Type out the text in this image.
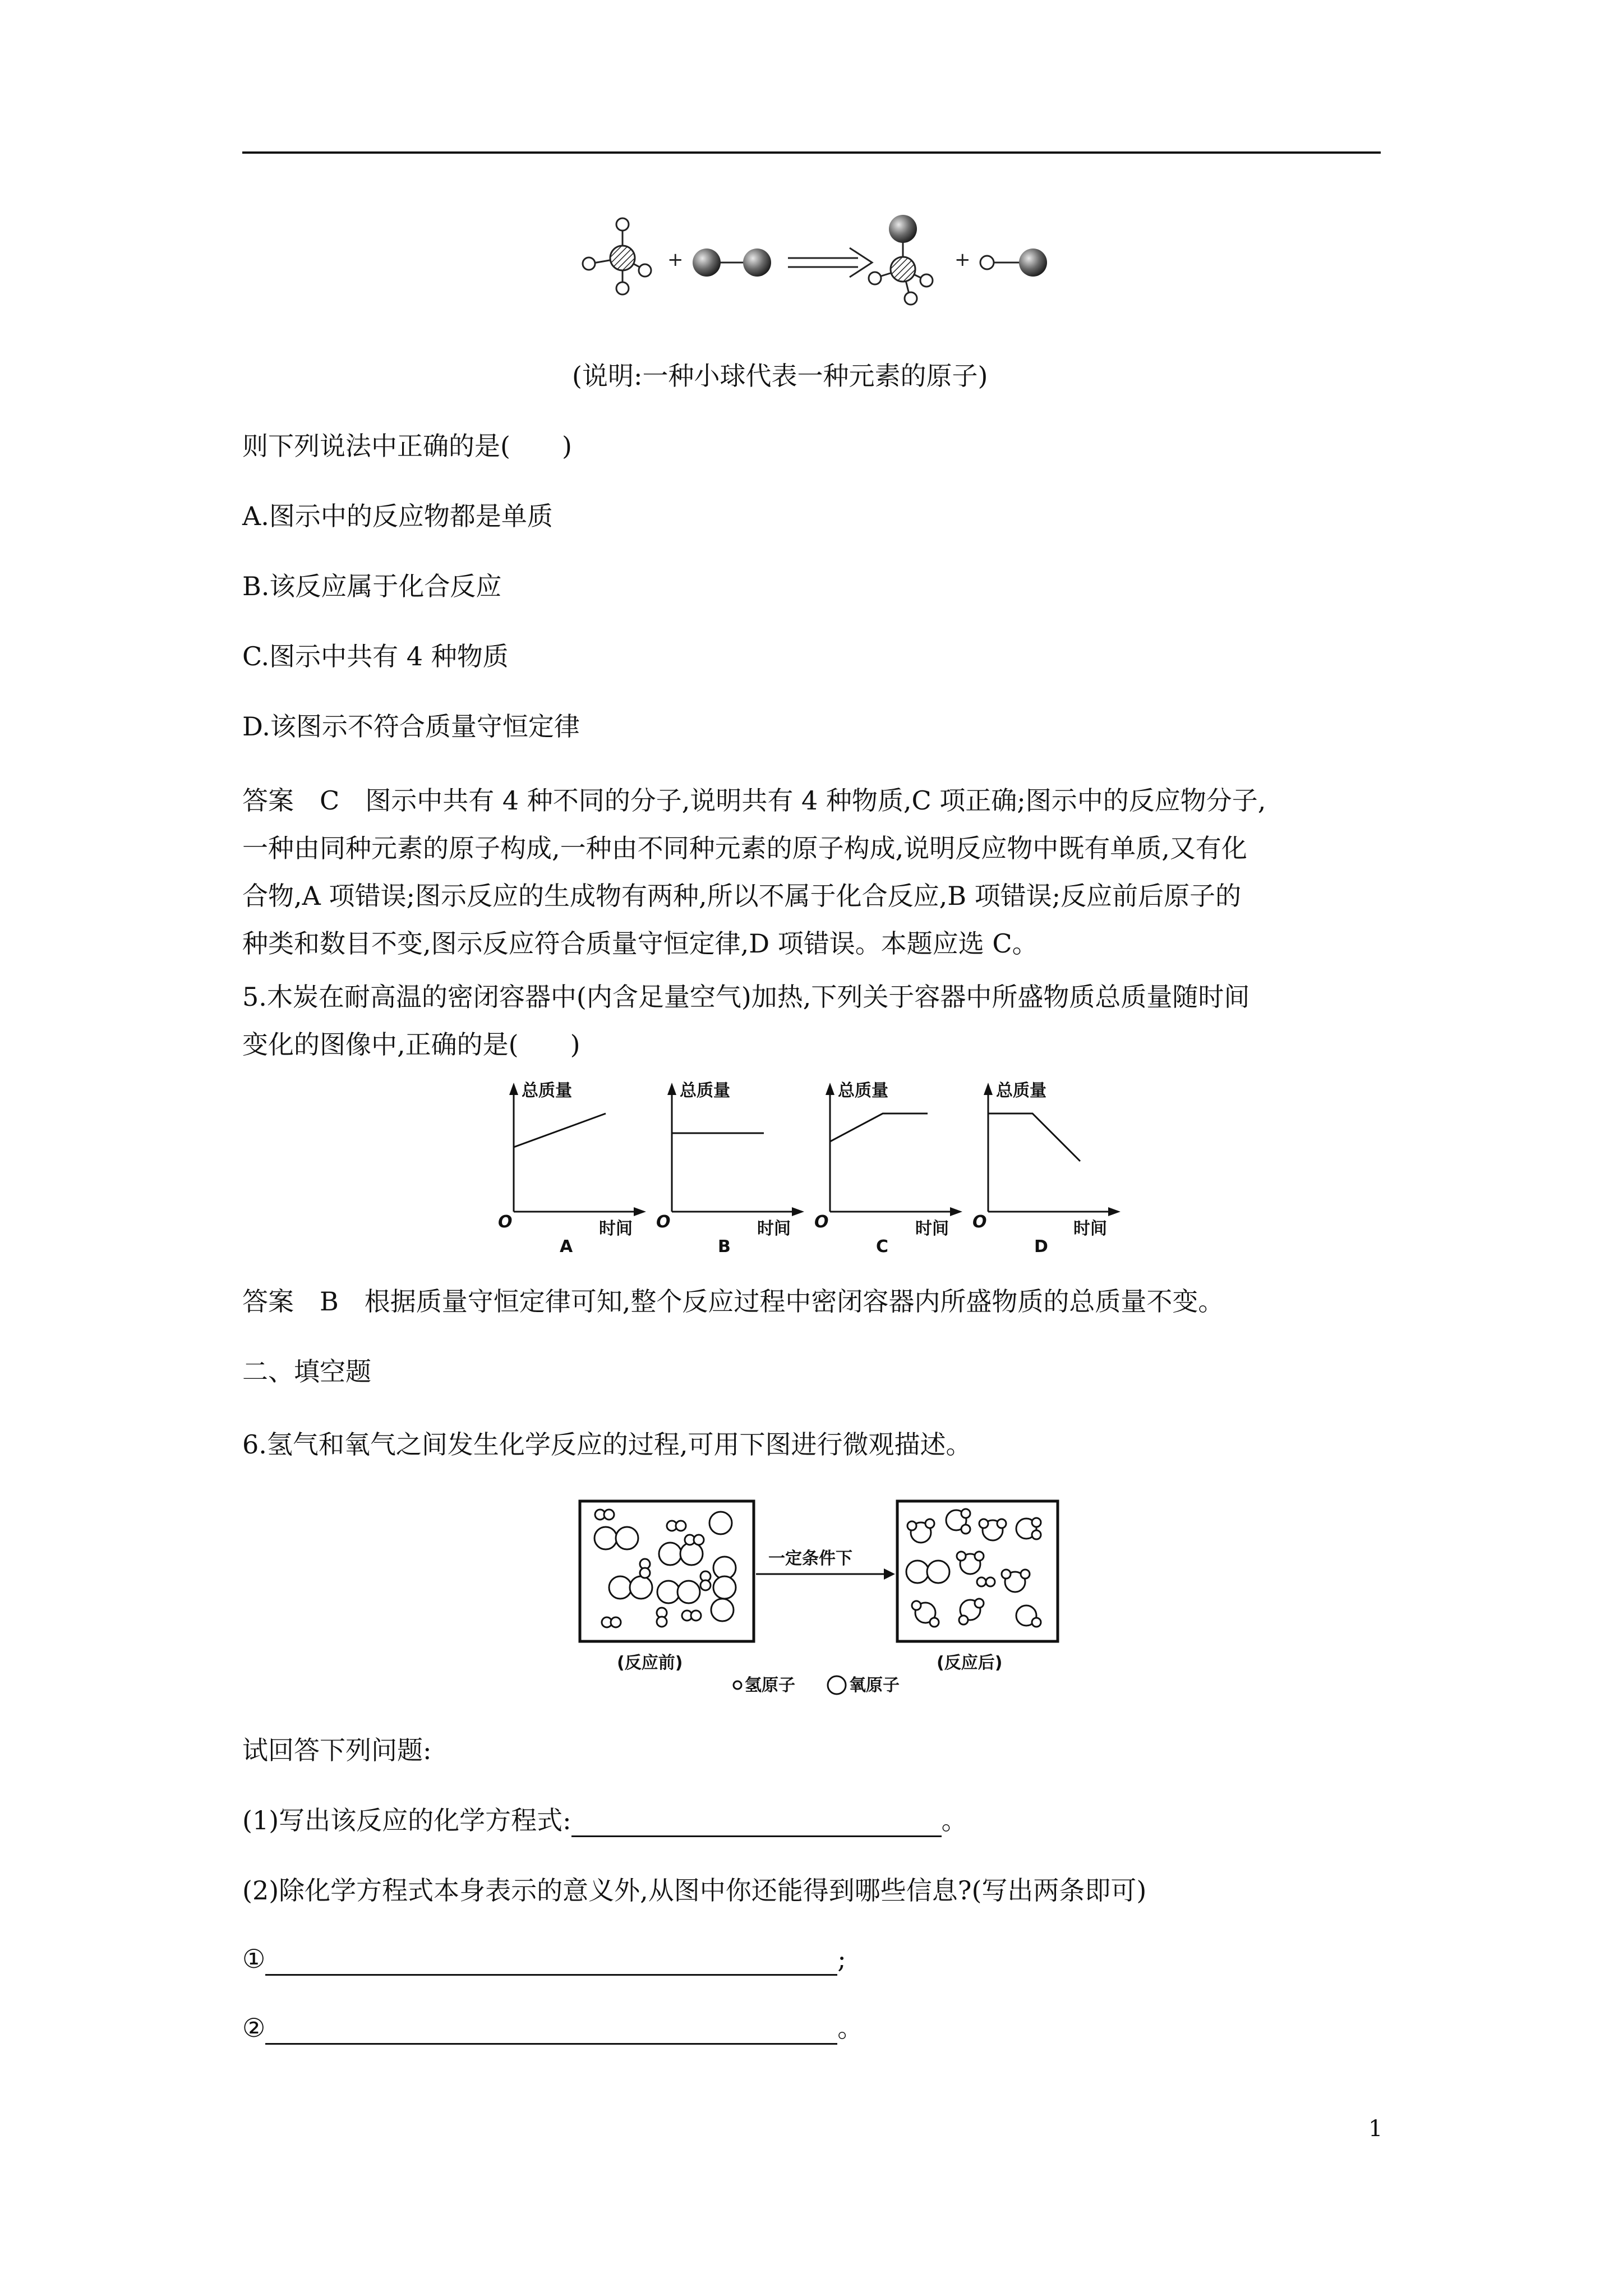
+	+
(说明:一种小球代表一种元素的原子)
则下列说法中正确的是(　　)
A.图示中的反应物都是单质
B.该反应属于化合反应
C.图示中共有 4 种物质
D.该图示不符合质量守恒定律
答案　C　图示中共有 4 种不同的分子,说明共有 4 种物质,C 项正确;图示中的反应物分子,
一种由同种元素的原子构成,一种由不同种元素的原子构成,说明反应物中既有单质,又有化
合物,A 项错误;图示反应的生成物有两种,所以不属于化合反应,B 项错误;反应前后原子的
种类和数目不变,图示反应符合质量守恒定律,D 项错误。本题应选 C。
5.木炭在耐高温的密闭容器中(内含足量空气)加热,下列关于容器中所盛物质总质量随时间
变化的图像中,正确的是(　　)
总质量
O	时间
A
总质量
O	时间
B
总质量
O	时间
C
总质量
O	时间
D
答案　B　根据质量守恒定律可知,整个反应过程中密闭容器内所盛物质的总质量不变。
二、填空题
6.氢气和氧气之间发生化学反应的过程,可用下图进行微观描述。
一定条件下
(反应前)	(反应后)
氢原子	氧原子
试回答下列问题:
(1)写出该反应的化学方程式:	。
(2)除化学方程式本身表示的意义外,从图中你还能得到哪些信息?(写出两条即可)
①	;
②	。
1
